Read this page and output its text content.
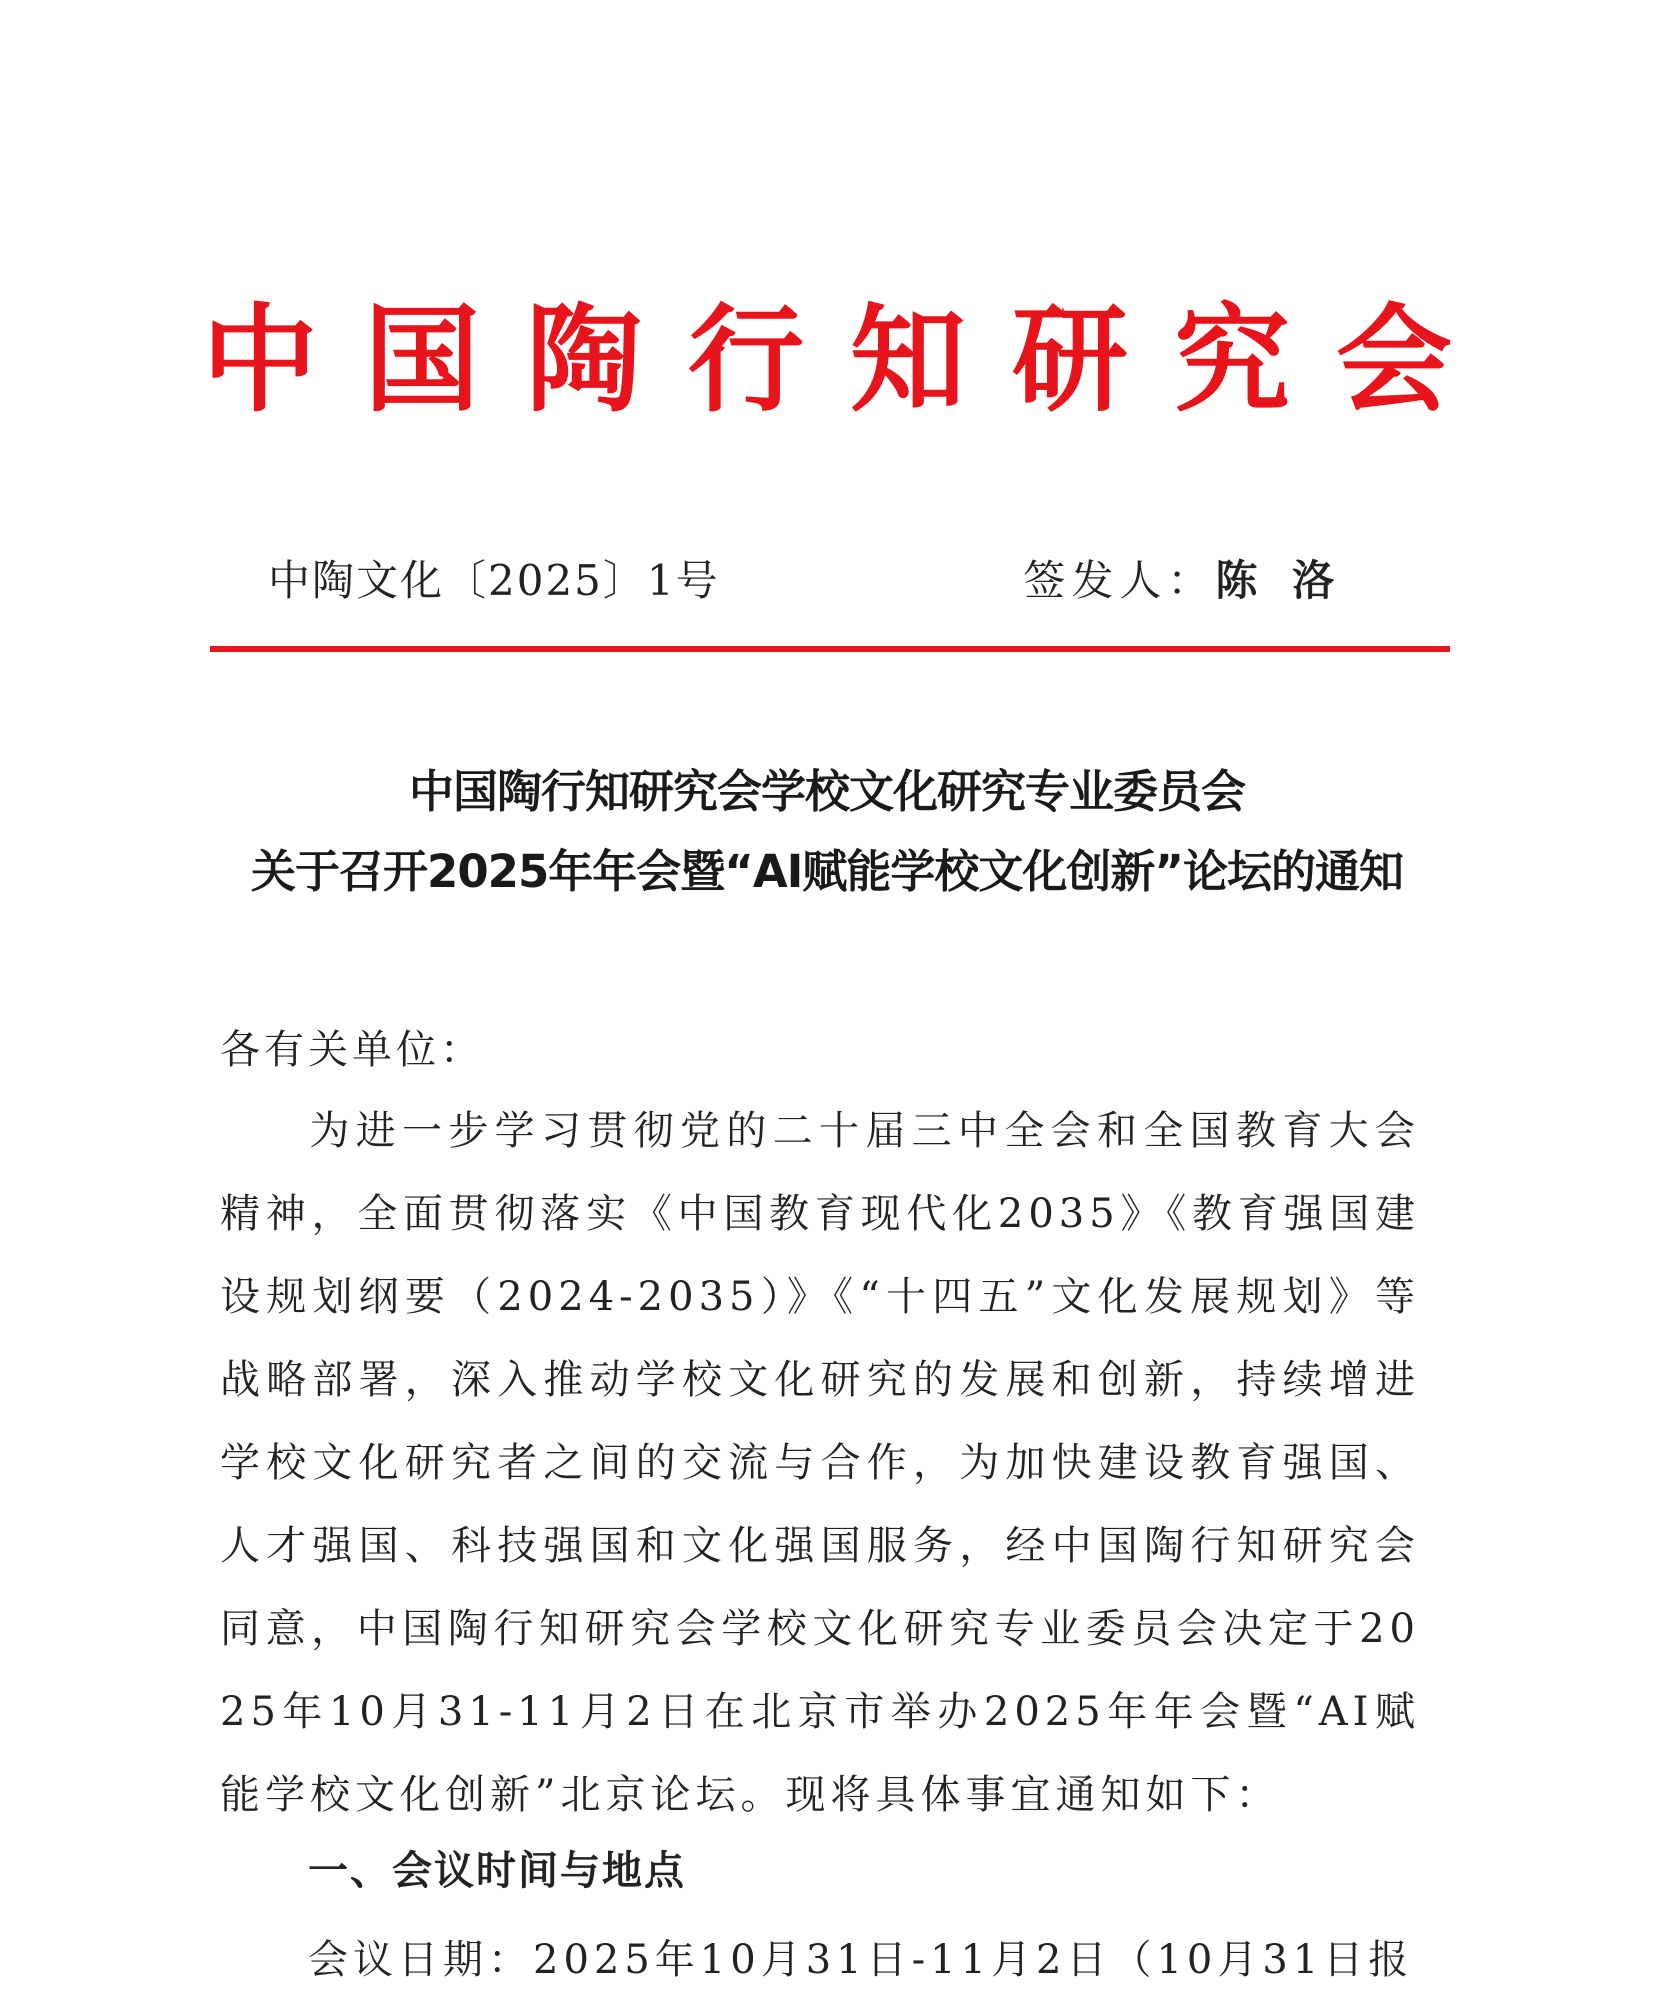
中国陶行知研究会
中陶文化〔2025〕1号	签发人：陈 洛
中国陶行知研究会学校文化研究专业委员会
关于召开2025年年会暨“AI赋能学校文化创新”论坛的通知
各有关单位：
为进一步学习贯彻党的二十届三中全会和全国教育大会精神，全面贯彻落实《中国教育现代化2035》《教育强国建设规划纲要（2024-2035）》《“十四五”文化发展规划》等战略部署，深入推动学校文化研究的发展和创新，持续增进学校文化研究者之间的交流与合作，为加快建设教育强国、人才强国、科技强国和文化强国服务，经中国陶行知研究会同意，中国陶行知研究会学校文化研究专业委员会决定于2025年10月31-11月2日在北京市举办2025年年会暨“AI赋能学校文化创新”北京论坛。现将具体事宜通知如下：
一、会议时间与地点
会议日期：2025年10月31日-11月2日（10月31日报
